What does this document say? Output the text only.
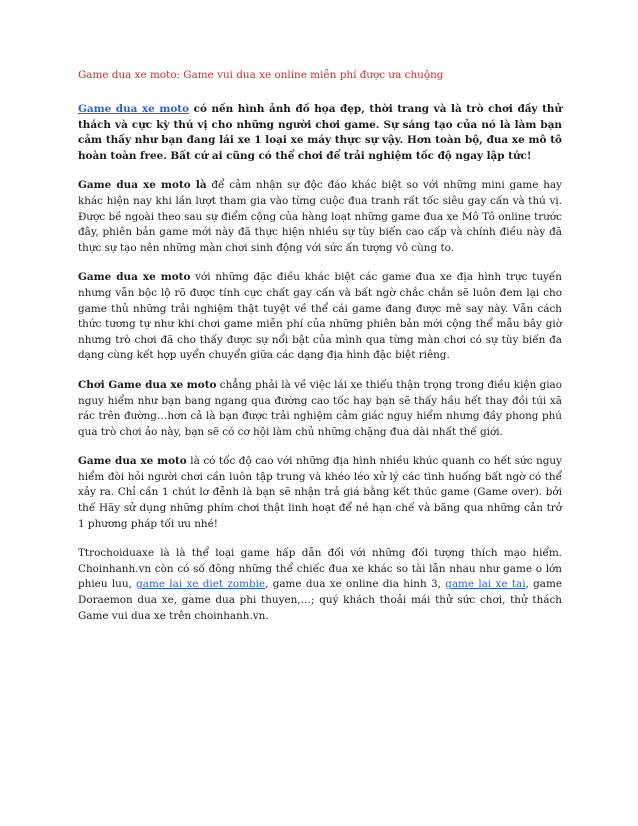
Game dua xe moto: Game vui dua xe online miễn phí được ưa chuộng

Game dua xe moto có nền hình ảnh đồ họa đẹp, thời trang và là trò chơi đầy thử thách và cực kỳ thú vị cho những người chơi game. Sự sáng tạo của nó là làm bạn cảm thấy như bạn đang lái xe 1 loại xe máy thực sự vậy. Hơn toàn bộ, đua xe mô tô hoàn toàn free. Bất cứ ai cũng có thể chơi để trải nghiệm tốc độ ngay lập tức!

Game dua xe moto là để cảm nhận sự độc đáo khác biệt so với những mini game hay khác hiện nay khi lần lượt tham gia vào từng cuộc đua tranh rất tốc siêu gay cấn và thú vị. Được bề ngoài theo sau sự điểm cộng của hàng loạt những game đua xe Mô Tô online trước đây, phiên bản game mới này đã thực hiện nhiều sự tùy biến cao cấp và chính điều này đã thực sự tạo nên những màn chơi sinh động với sức ấn tượng vô cùng to.

Game dua xe moto với những đặc điều khác biệt các game đua xe địa hình trực tuyến nhưng vẫn bộc lộ rõ được tính cực chất gay cấn và bất ngờ chắc chắn sẽ luôn đem lại cho game thủ những trải nghiệm thật tuyệt về thể cái game đang được mê say này. Vẫn cách thức tương tự như khi chơi game miễn phí của những phiên bản mới cộng thể mẫu bây giờ nhưng trò chơi đã cho thấy được sự nổi bật của mình qua từng màn chơi có sự tùy biến đa dạng cùng kết hợp uyển chuyển giữa các dạng địa hình đặc biệt riêng.

Chơi Game dua xe moto chẳng phải là về việc lái xe thiếu thận trọng trong điều kiện giao nguy hiểm như bạn bang ngang qua đường cao tốc hay bạn sẽ thấy hầu hết thay đồi túi xã rác trên đường…hơn cả là bạn được trải nghiệm cảm giác nguy hiểm nhưng đầy phong phú qua trò chơi ảo này, bạn sẽ có cơ hội làm chủ những chặng đua dài nhất thế giới.

Game dua xe moto là có tốc độ cao với những địa hình nhiều khúc quanh co hết sức nguy hiểm đòi hỏi người chơi cần luôn tập trung và khéo léo xử lý các tình huống bất ngờ có thể xảy ra. Chỉ cần 1 chút lơ đễnh là bạn sẽ nhận trả giá bằng kết thúc game (Game over). bởi thế Hãy sử dụng những phím chơi thật linh hoạt để né hạn chế và băng qua những cản trở 1 phương pháp tối ưu nhé!

Ttrochoiduaxe là là thể loại game hấp dẫn đối với những đối tượng thích mạo hiểm. Choinhanh.vn còn có số đông những thể chiếc đua xe khác so tài lẫn nhau như game o lớn phieu luu, game lai xe diet zombie, game dua xe online dia hinh 3, game lai xe tai, game Doraemon dua xe, game dua phi thuyen,…; quý khách thoải mái thử sức chơi, thử thách Game vui dua xe trên choinhanh.vn.
